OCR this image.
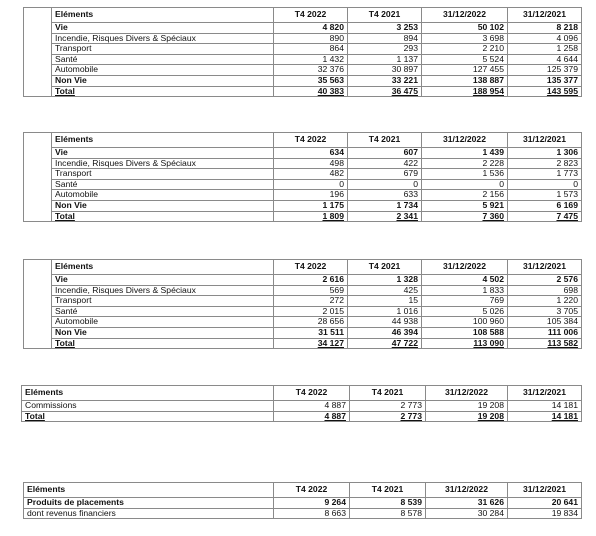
	Eléments	T4 2022	T4 2021	31/12/2022	31/12/2021
	Vie	4 820	3 253	50 102	8 218
	Incendie, Risques Divers & Spéciaux	890	894	3 698	4 096
	Transport	864	293	2 210	1 258
	Santé	1 432	1 137	5 524	4 644
	Automobile	32 376	30 897	127 455	125 379
	Non Vie	35 563	33 221	138 887	135 377
	Total	40 383	36 475	188 954	143 595
	Eléments	T4 2022	T4 2021	31/12/2022	31/12/2021
	Vie	634	607	1 439	1 306
	Incendie, Risques Divers & Spéciaux	498	422	2 228	2 823
	Transport	482	679	1 536	1 773
	Santé	0	0	0	0
	Automobile	196	633	2 156	1 573
	Non Vie	1 175	1 734	5 921	6 169
	Total	1 809	2 341	7 360	7 475
	Eléments	T4 2022	T4 2021	31/12/2022	31/12/2021
	Vie	2 616	1 328	4 502	2 576
	Incendie, Risques Divers & Spéciaux	569	425	1 833	698
	Transport	272	15	769	1 220
	Santé	2 015	1 016	5 026	3 705
	Automobile	28 656	44 938	100 960	105 384
	Non Vie	31 511	46 394	108 588	111 006
	Total	34 127	47 722	113 090	113 582
Eléments	T4 2022	T4 2021	31/12/2022	31/12/2021
Commissions	4 887	2 773	19 208	14 181
Total	4 887	2 773	19 208	14 181
Eléments	T4 2022	T4 2021	31/12/2022	31/12/2021
Produits de placements	9 264	8 539	31 626	20 641
dont revenus financiers	8 663	8 578	30 284	19 834
